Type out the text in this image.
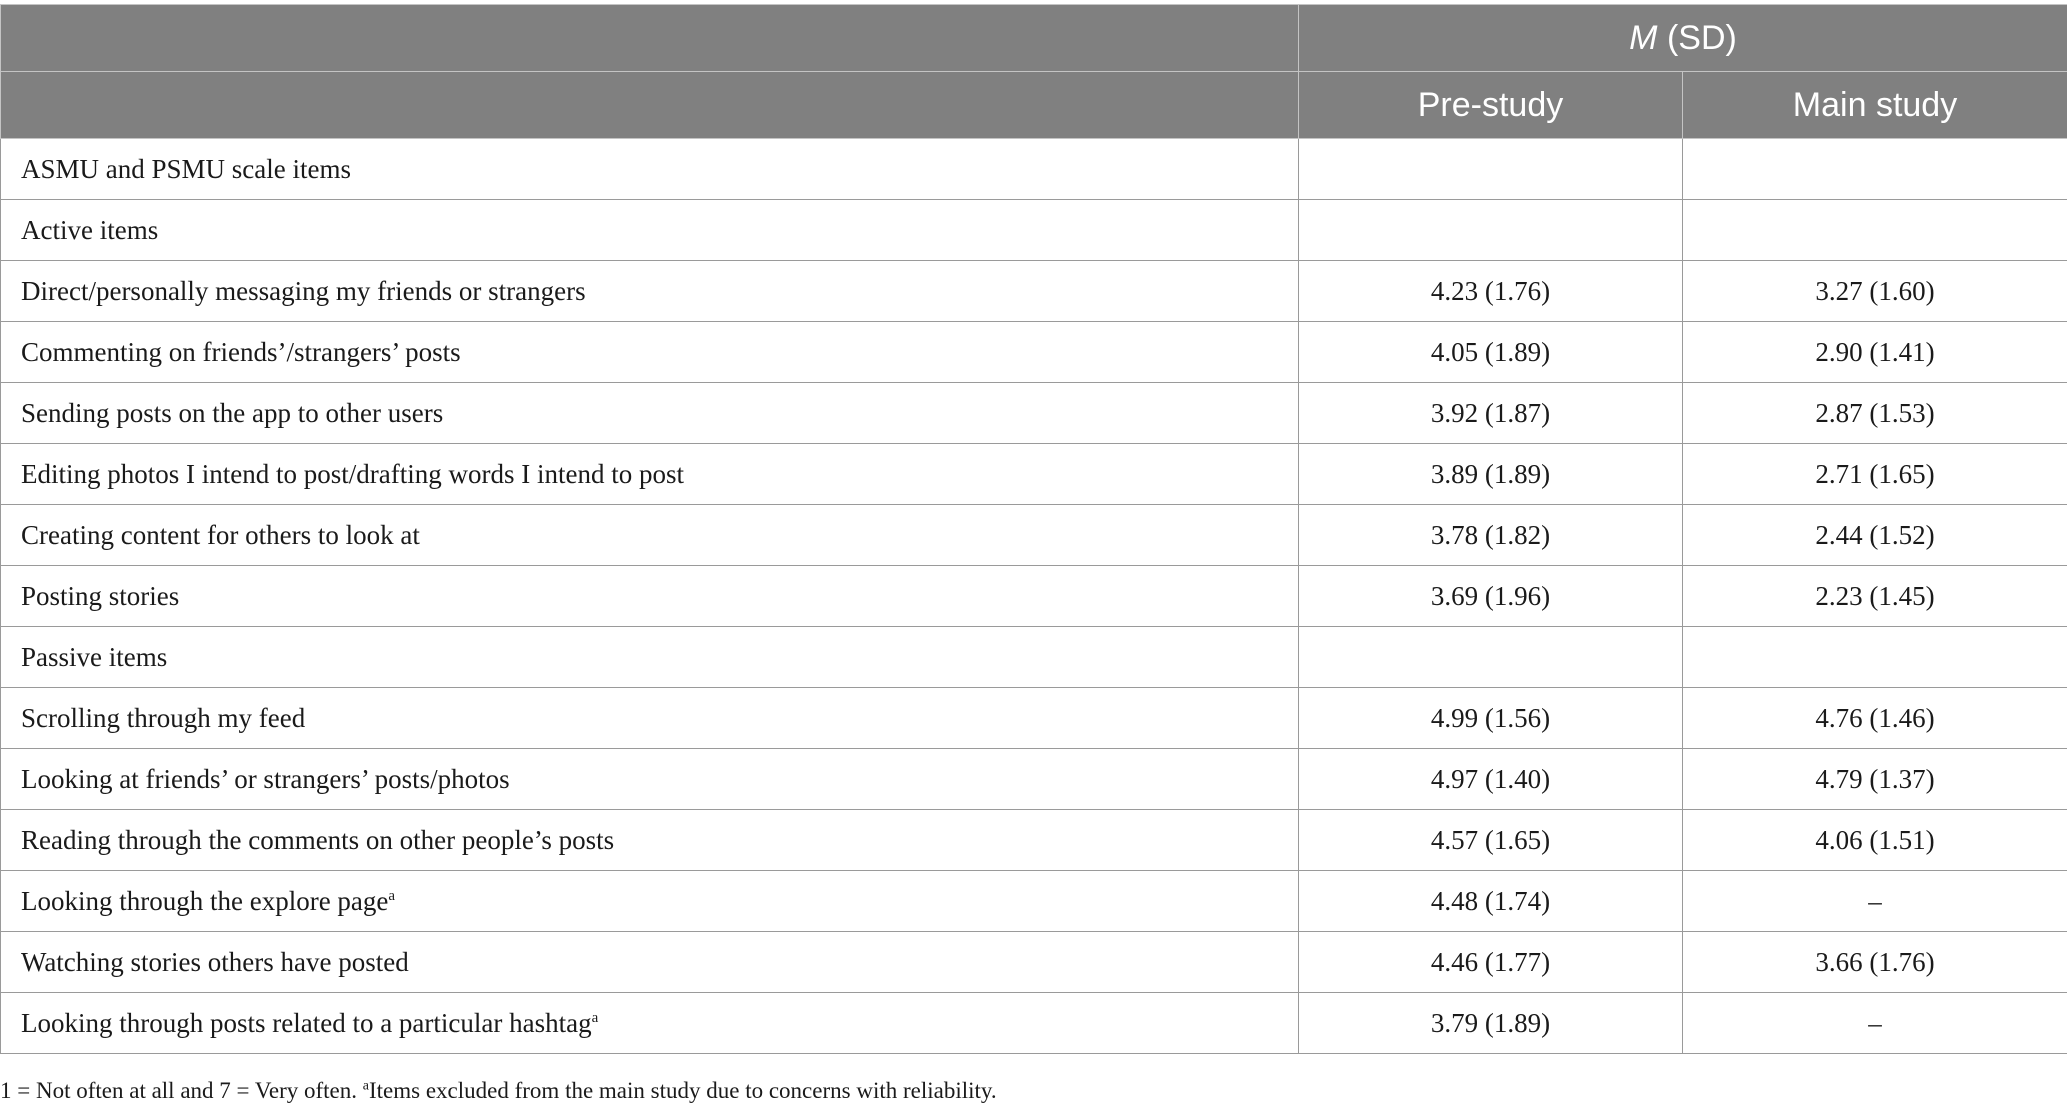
	M (SD)	
	Pre-study	Main study
ASMU and PSMU scale items		
Active items		
Direct/personally messaging my friends or strangers	4.23 (1.76)	3.27 (1.60)
Commenting on friends’/strangers’ posts	4.05 (1.89)	2.90 (1.41)
Sending posts on the app to other users	3.92 (1.87)	2.87 (1.53)
Editing photos I intend to post/drafting words I intend to post	3.89 (1.89)	2.71 (1.65)
Creating content for others to look at	3.78 (1.82)	2.44 (1.52)
Posting stories	3.69 (1.96)	2.23 (1.45)
Passive items		
Scrolling through my feed	4.99 (1.56)	4.76 (1.46)
Looking at friends’ or strangers’ posts/photos	4.97 (1.40)	4.79 (1.37)
Reading through the comments on other people’s posts	4.57 (1.65)	4.06 (1.51)
Looking through the explore page$^a$	4.48 (1.74)	–
Watching stories others have posted	4.46 (1.77)	3.66 (1.76)
Looking through posts related to a particular hashtag$^a$	3.79 (1.89)	–
1 = Not often at all and 7 = Very often. $^a$Items excluded from the main study due to concerns with reliability.
